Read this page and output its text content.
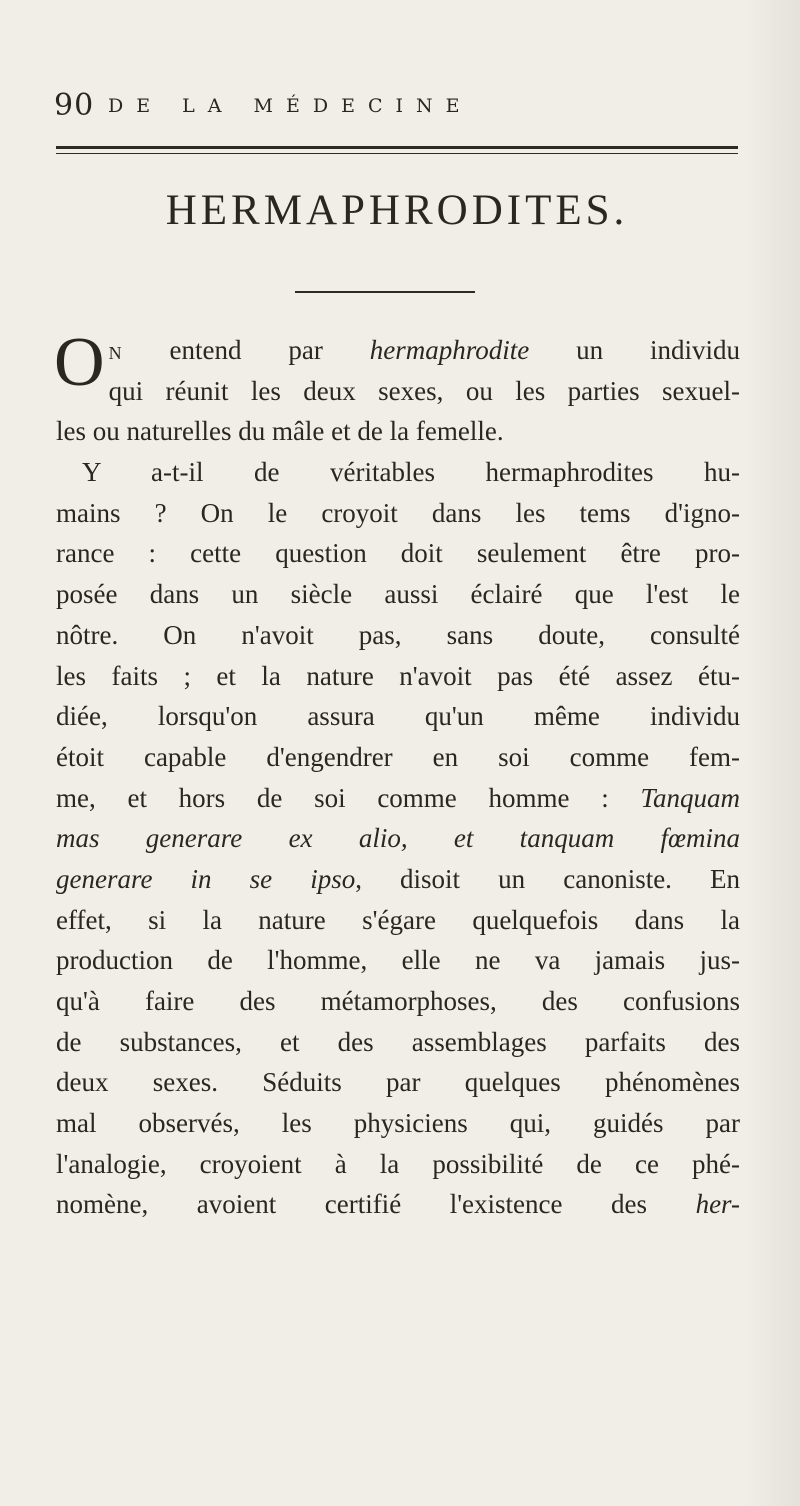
90 DE LA MÉDECINE
HERMAPHRODITES.
O N entend par hermaphrodite un individu
qui réunit les deux sexes, ou les parties sexuel-
les ou naturelles du mâle et de la femelle.
Y a-t-il de véritables hermaphrodites hu-
mains ? On le croyoit dans les tems d'igno-
rance : cette question doit seulement être pro-
posée dans un siècle aussi éclairé que l'est le
nôtre. On n'avoit pas, sans doute, consulté
les faits ; et la nature n'avoit pas été assez étu-
diée, lorsqu'on assura qu'un même individu
étoit capable d'engendrer en soi comme fem-
me, et hors de soi comme homme : Tanquam
mas generare ex alio, et tanquam fœmina
generare in se ipso, disoit un canoniste. En
effet, si la nature s'égare quelquefois dans la
production de l'homme, elle ne va jamais jus-
qu'à faire des métamorphoses, des confusions
de substances, et des assemblages parfaits des
deux sexes. Séduits par quelques phénomènes
mal observés, les physiciens qui, guidés par
l'analogie, croyoient à la possibilité de ce phé-
nomène, avoient certifié l'existence des her-
